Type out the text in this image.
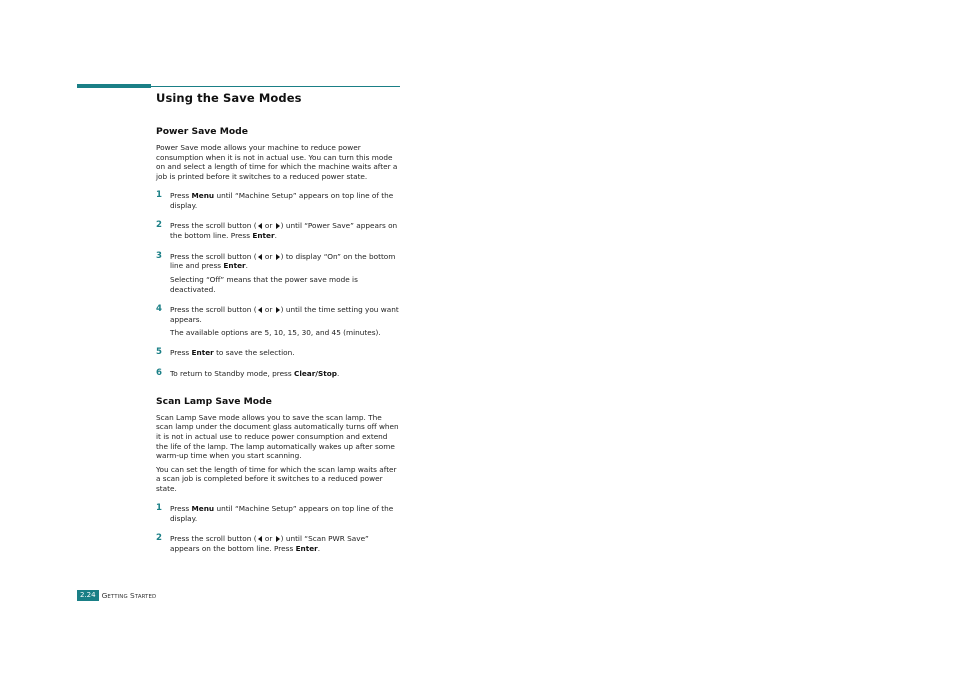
Using the Save Modes
Power Save Mode

Power Save mode allows your machine to reduce power consumption when it is not in actual use. You can turn this mode on and select a length of time for which the machine waits after a job is printed before it switches to a reduced power state.

1 Press Menu until “Machine Setup” appears on top line of the display.
2 Press the scroll button ( or ) until “Power Save” appears on the bottom line. Press Enter.
3 Press the scroll button ( or ) to display “On” on the bottom line and press Enter.
Selecting “Off” means that the power save mode is deactivated.
4 Press the scroll button ( or ) until the time setting you want appears.
The available options are 5, 10, 15, 30, and 45 (minutes).
5 Press Enter to save the selection.
6 To return to Standby mode, press Clear/Stop.
Scan Lamp Save Mode

Scan Lamp Save mode allows you to save the scan lamp. The scan lamp under the document glass automatically turns off when it is not in actual use to reduce power consumption and extend the life of the lamp. The lamp automatically wakes up after some warm-up time when you start scanning.

You can set the length of time for which the scan lamp waits after a scan job is completed before it switches to a reduced power state.

1 Press Menu until “Machine Setup” appears on top line of the display.
2 Press the scroll button ( or ) until “Scan PWR Save” appears on the bottom line. Press Enter.
2.24 GETTING STARTED
